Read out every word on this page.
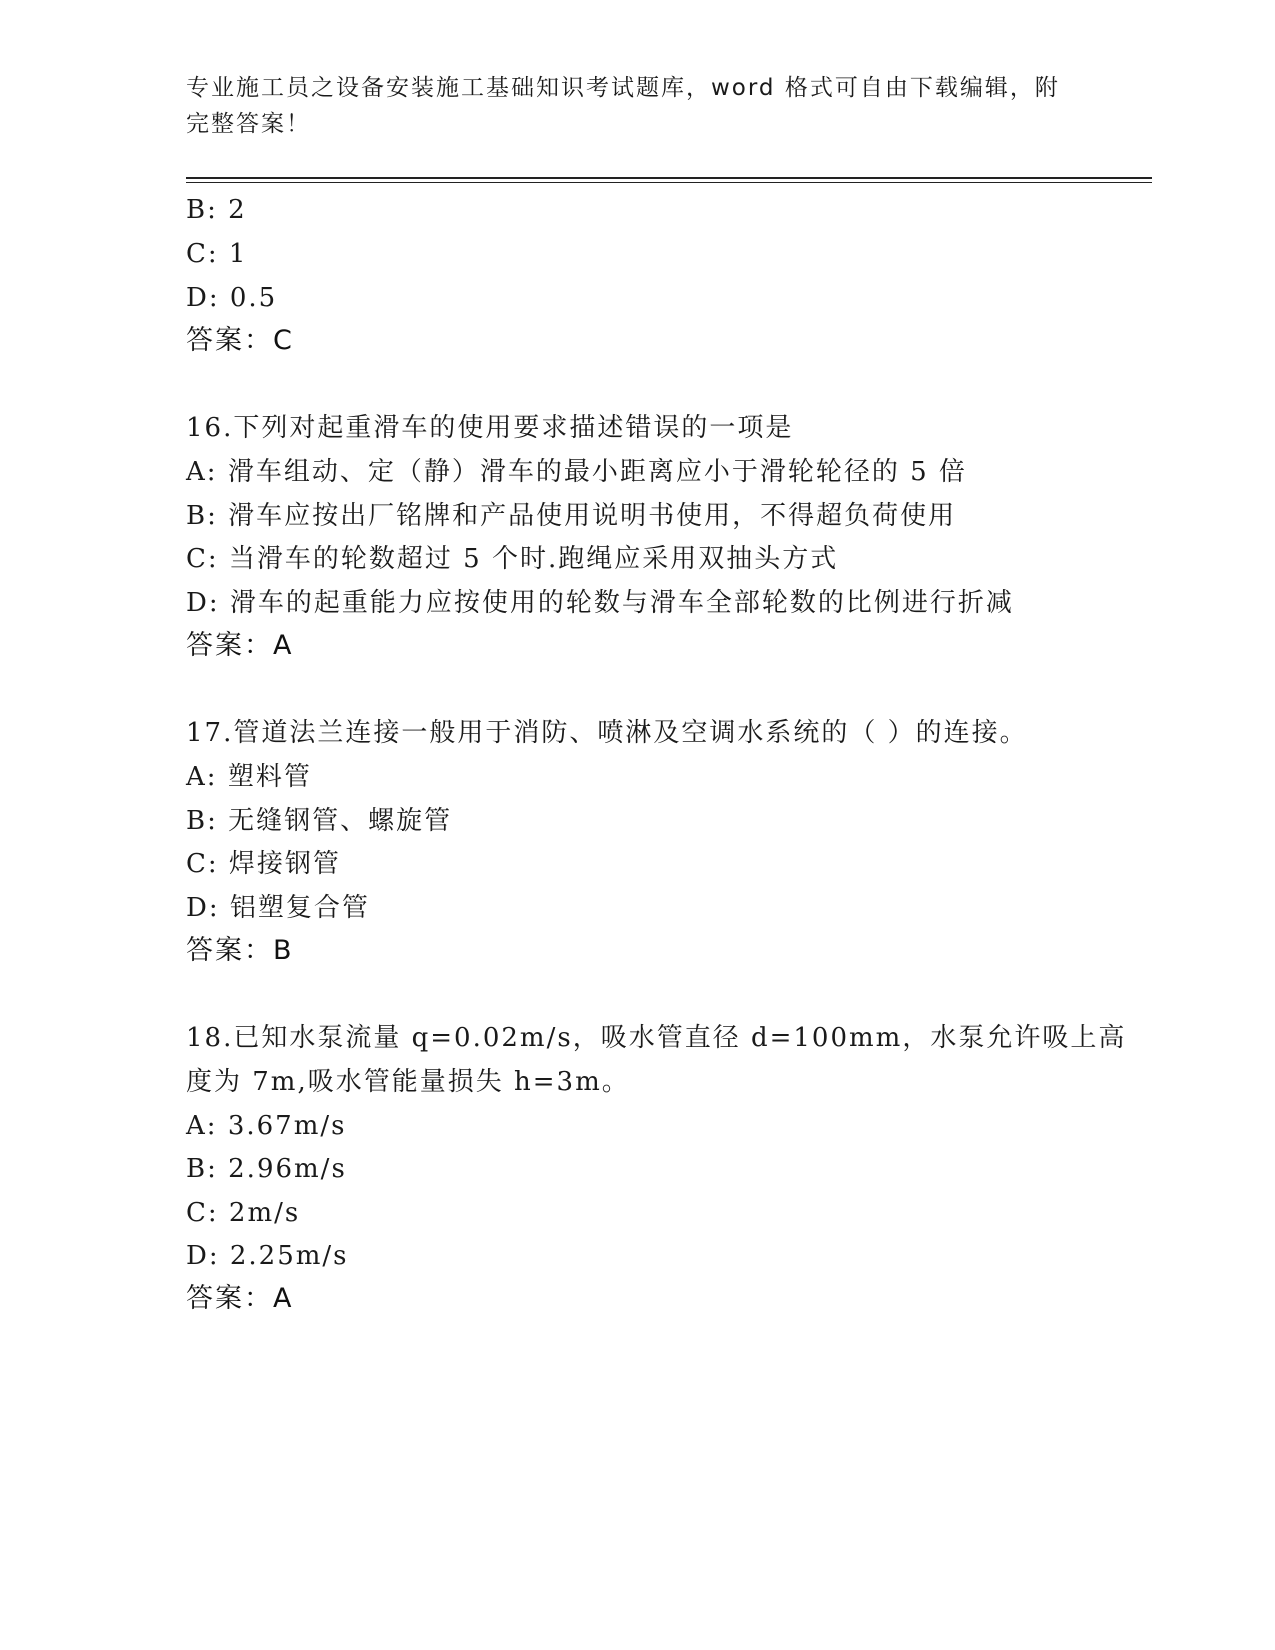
专业施工员之设备安装施工基础知识考试题库，word 格式可自由下载编辑，附完整答案！
B: 2
C: 1
D: 0.5
答案：C
16.下列对起重滑车的使用要求描述错误的一项是
A: 滑车组动、定（静）滑车的最小距离应小于滑轮轮径的 5 倍
B: 滑车应按出厂铭牌和产品使用说明书使用，不得超负荷使用
C: 当滑车的轮数超过 5 个时.跑绳应采用双抽头方式
D: 滑车的起重能力应按使用的轮数与滑车全部轮数的比例进行折减
答案：A
17.管道法兰连接一般用于消防、喷淋及空调水系统的（ ）的连接。
A: 塑料管
B: 无缝钢管、螺旋管
C: 焊接钢管
D: 铝塑复合管
答案：B
18.已知水泵流量 q=0.02m/s，吸水管直径 d=100mm，水泵允许吸上高
度为 7m,吸水管能量损失 h=3m。
A: 3.67m/s
B: 2.96m/s
C: 2m/s
D: 2.25m/s
答案：A
